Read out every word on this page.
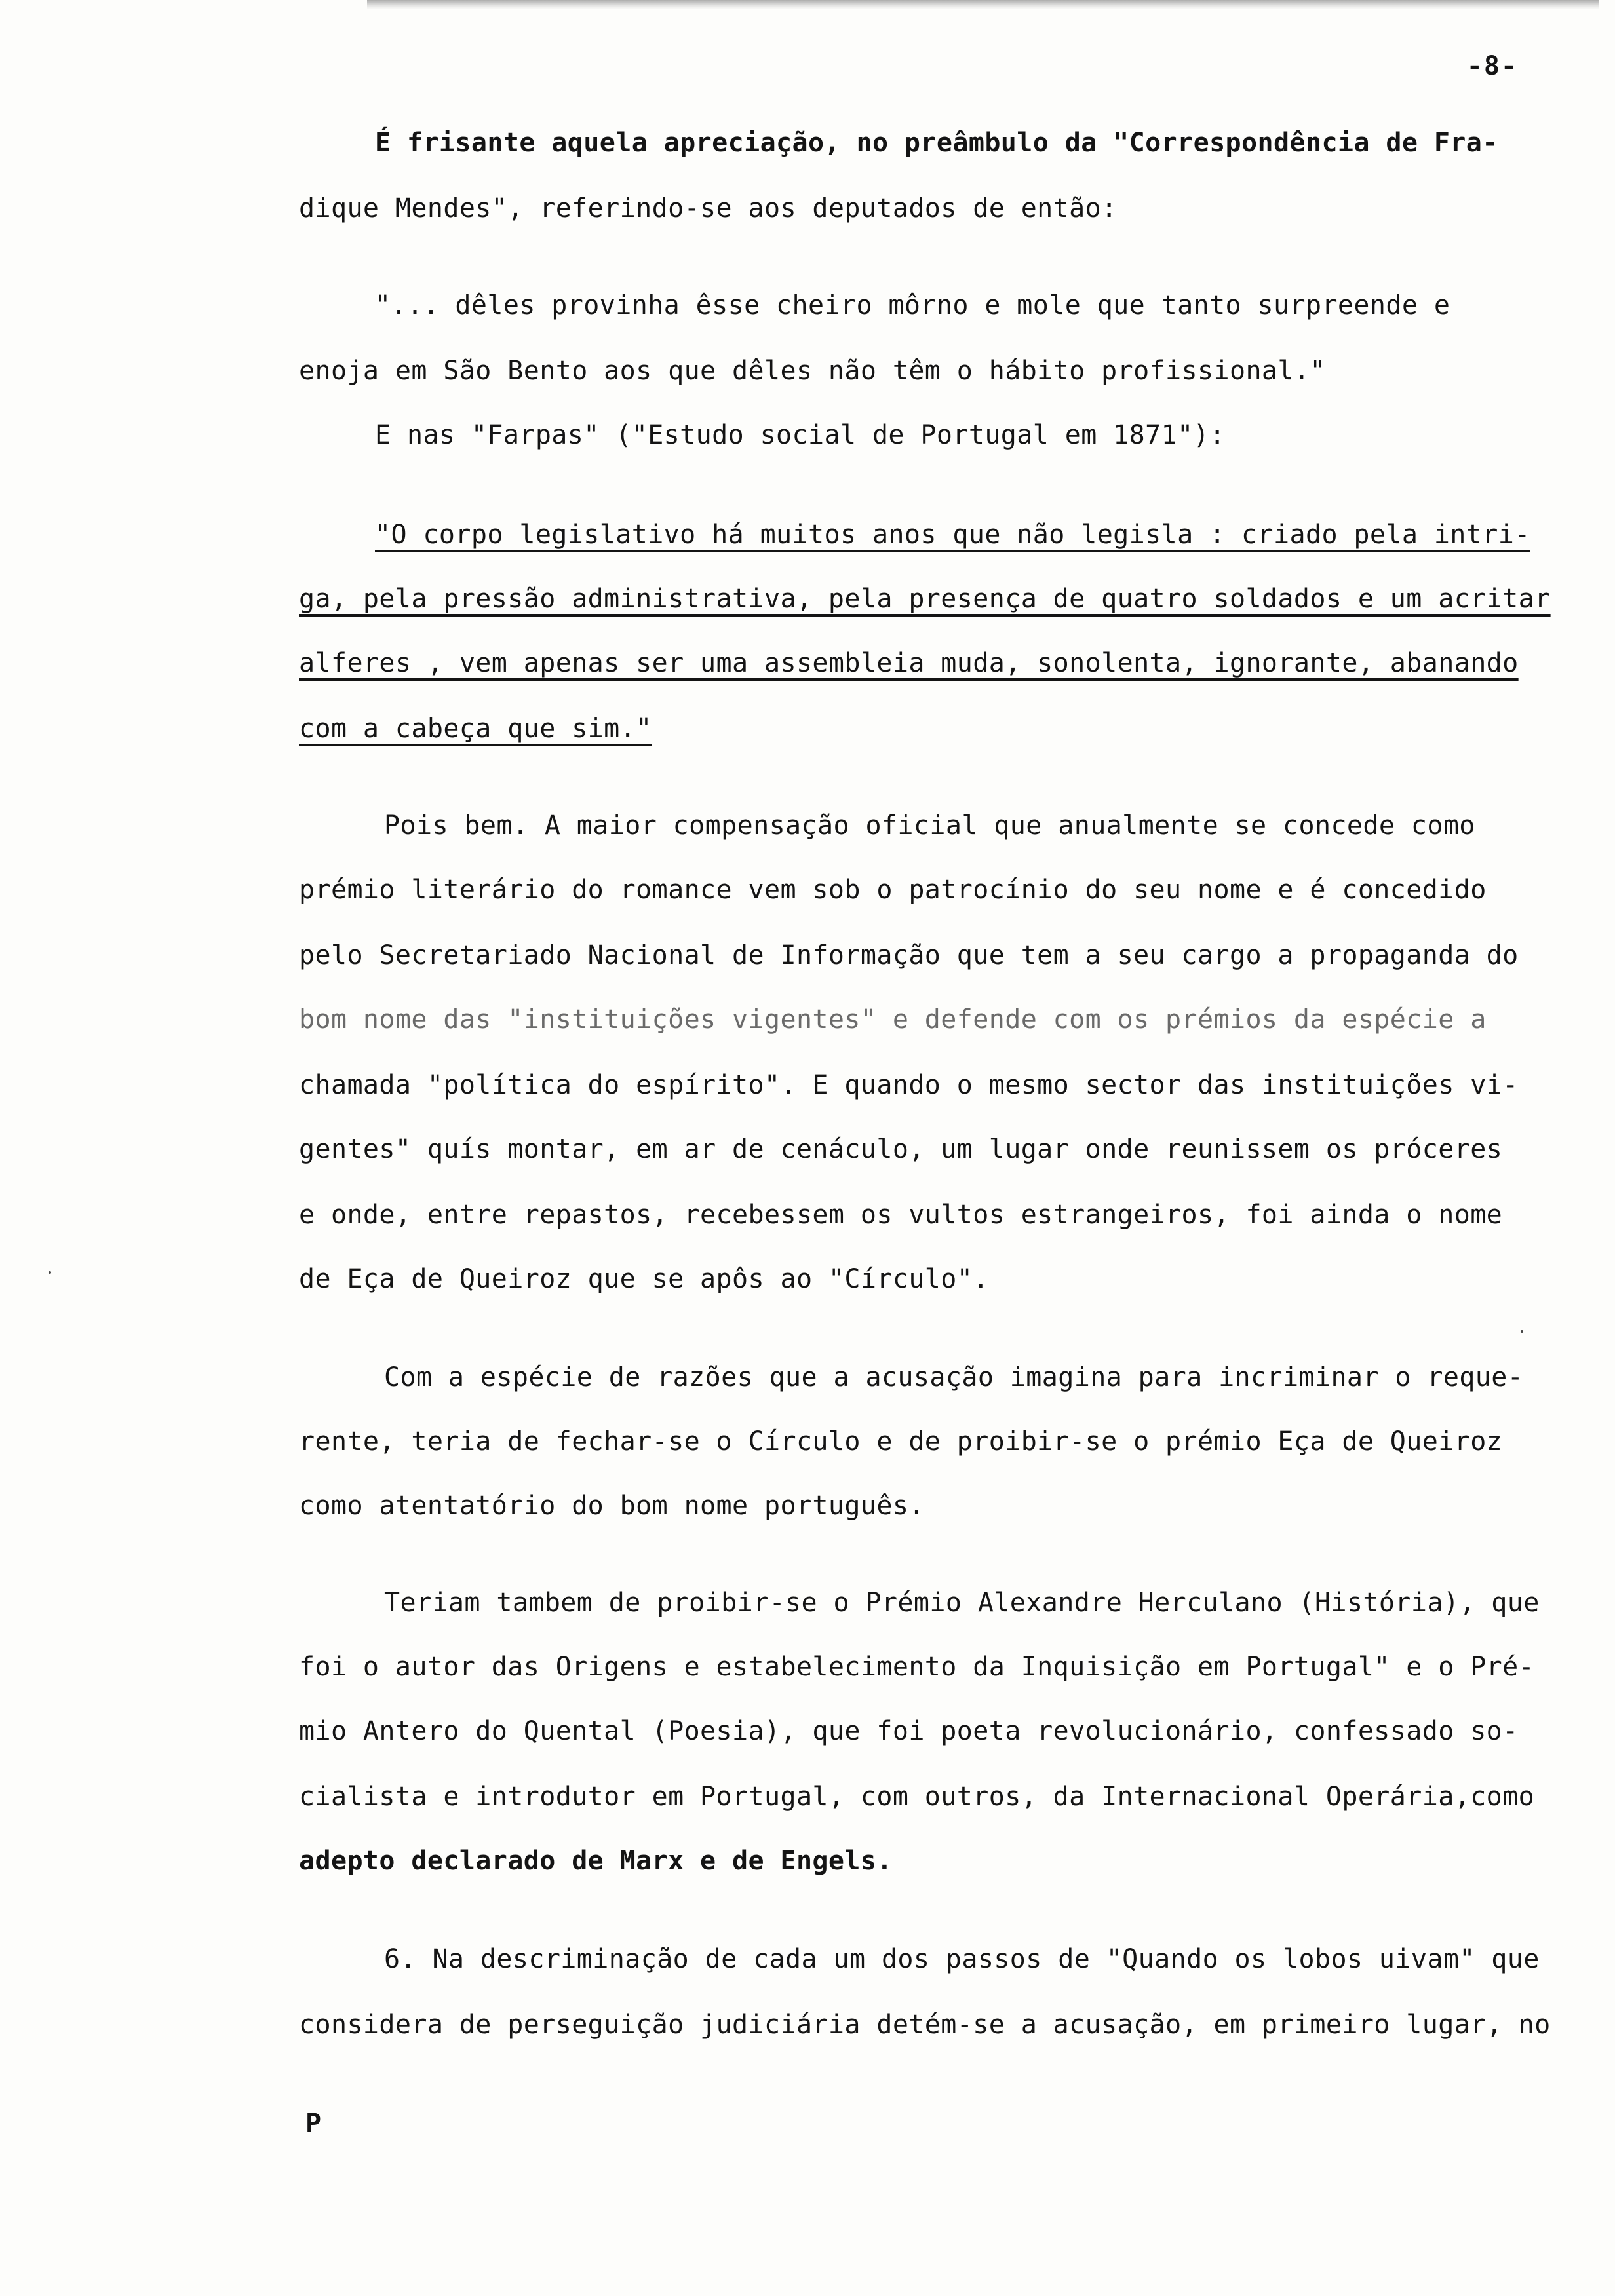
-8-
É frisante aquela apreciação, no preâmbulo da "Correspondência de Fra-
dique Mendes", referindo-se aos deputados de então:
"... dêles provinha êsse cheiro môrno e mole que tanto surpreende e
enoja em São Bento aos que dêles não têm o hábito profissional."
E nas "Farpas" ("Estudo social de Portugal em 1871"):
"O corpo legislativo há muitos anos que não legisla : criado pela intri-
ga, pela pressão administrativa, pela presença de quatro soldados e um acritar
alferes , vem apenas ser uma assembleia muda, sonolenta, ignorante, abanando
com a cabeça que sim."
Pois bem. A maior compensação oficial que anualmente se concede como
prémio literário do romance vem sob o patrocínio do seu nome e é concedido
pelo Secretariado Nacional de Informação que tem a seu cargo a propaganda do
bom nome das "instituições vigentes" e defende com os prémios da espécie a
chamada "política do espírito". E quando o mesmo sector das instituições vi-
gentes" quís montar, em ar de cenáculo, um lugar onde reunissem os próceres
e onde, entre repastos, recebessem os vultos estrangeiros, foi ainda o nome
de Eça de Queiroz que se apôs ao "Círculo".
Com a espécie de razões que a acusação imagina para incriminar o reque-
rente, teria de fechar-se o Círculo e de proibir-se o prémio Eça de Queiroz
como atentatório do bom nome português.
Teriam tambem de proibir-se o Prémio Alexandre Herculano (História), que
foi o autor das Origens e estabelecimento da Inquisição em Portugal" e o Pré-
mio Antero do Quental (Poesia), que foi poeta revolucionário, confessado so-
cialista e introdutor em Portugal, com outros, da Internacional Operária,como
adepto declarado de Marx e de Engels.
6. Na descriminação de cada um dos passos de "Quando os lobos uivam" que
considera de perseguição judiciária detém-se a acusação, em primeiro lugar, no
P
